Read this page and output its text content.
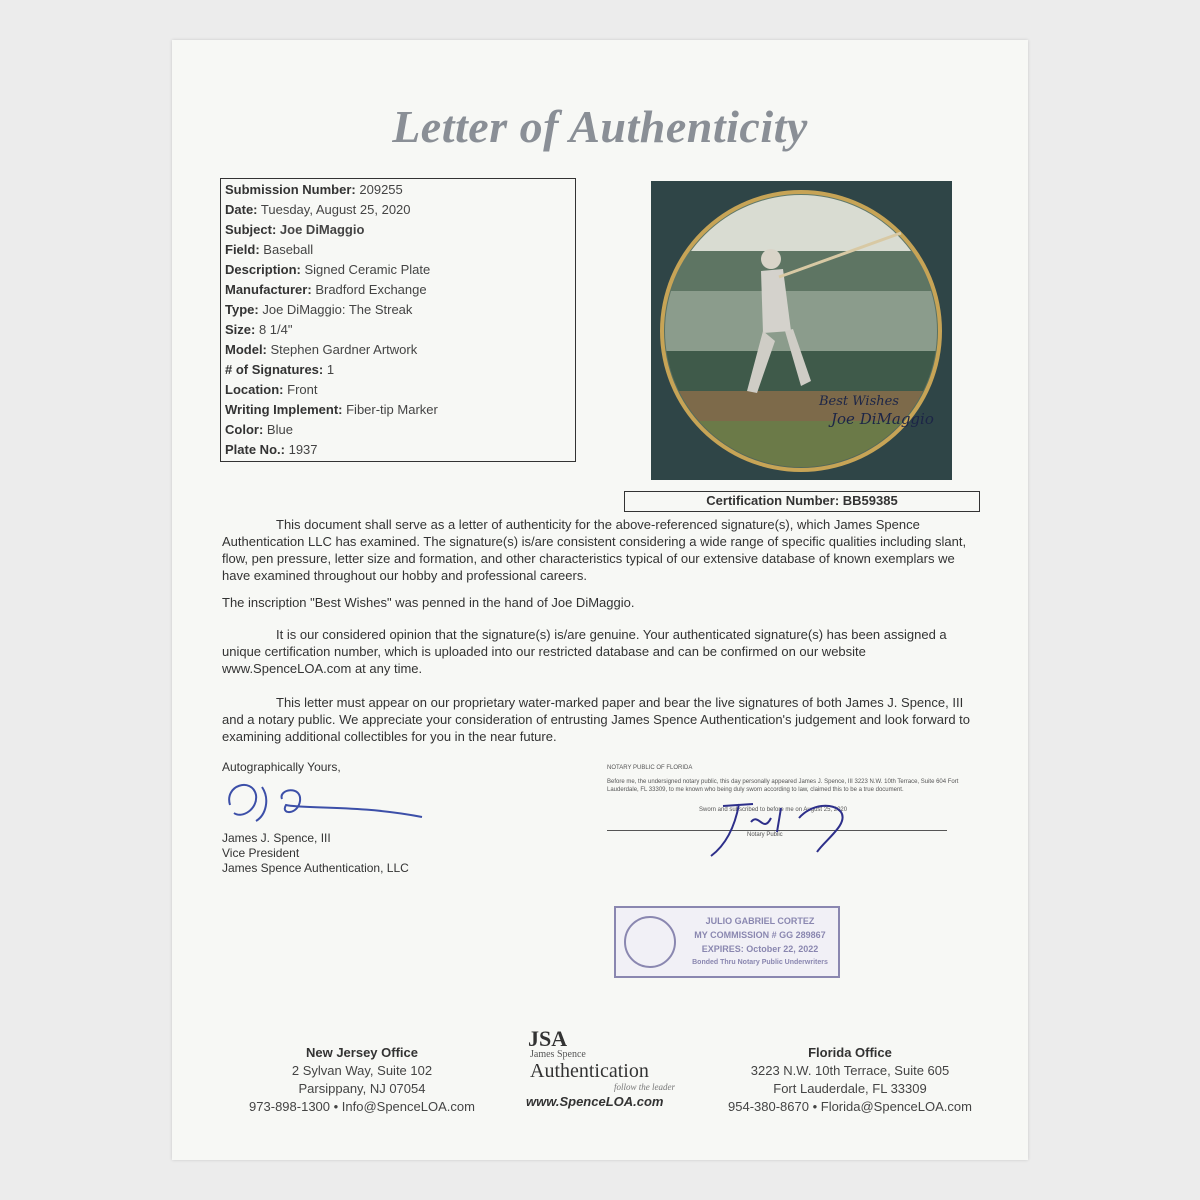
Letter of Authenticity
Submission Number: 209255
Date: Tuesday, August 25, 2020
Subject: Joe DiMaggio
Field: Baseball
Description: Signed Ceramic Plate
Manufacturer: Bradford Exchange
Type: Joe DiMaggio: The Streak
Size: 8 1/4"
Model: Stephen Gardner Artwork
# of Signatures: 1
Location: Front
Writing Implement: Fiber-tip Marker
Color: Blue
Plate No.: 1937
Best Wishes
Joe DiMaggio
Certification Number: BB59385
This document shall serve as a letter of authenticity for the above-referenced signature(s), which James Spence Authentication LLC has examined. The signature(s) is/are consistent considering a wide range of specific qualities including slant, flow, pen pressure, letter size and formation, and other characteristics typical of our extensive database of known exemplars we have examined throughout our hobby and professional careers.
The inscription "Best Wishes" was penned in the hand of Joe DiMaggio.
It is our considered opinion that the signature(s) is/are genuine. Your authenticated signature(s) has been assigned a unique certification number, which is uploaded into our restricted database and can be confirmed on our website www.SpenceLOA.com at any time.
This letter must appear on our proprietary water-marked paper and bear the live signatures of both James J. Spence, III and a notary public. We appreciate your consideration of entrusting James Spence Authentication's judgement and look forward to examining additional collectibles for you in the near future.
Autographically Yours,
James J. Spence, III
Vice President
James Spence Authentication, LLC
NOTARY PUBLIC OF FLORIDA
Before me, the undersigned notary public, this day personally appeared James J. Spence, III 3223 N.W. 10th Terrace, Suite 604 Fort Lauderdale, FL 33309, to me known who being duly sworn according to law, claimed this to be a true document.
Sworn and subscribed to before me on August 25, 2020
Notary Public
JULIO GABRIEL CORTEZ
MY COMMISSION # GG 289867
EXPIRES: October 22, 2022
Bonded Thru Notary Public Underwriters
New Jersey Office
2 Sylvan Way, Suite 102
Parsippany, NJ 07054
973-898-1300 • Info@SpenceLOA.com
JSA
James Spence
Authentication
follow the leader
www.SpenceLOA.com
Florida Office
3223 N.W. 10th Terrace, Suite 605
Fort Lauderdale, FL 33309
954-380-8670 • Florida@SpenceLOA.com
